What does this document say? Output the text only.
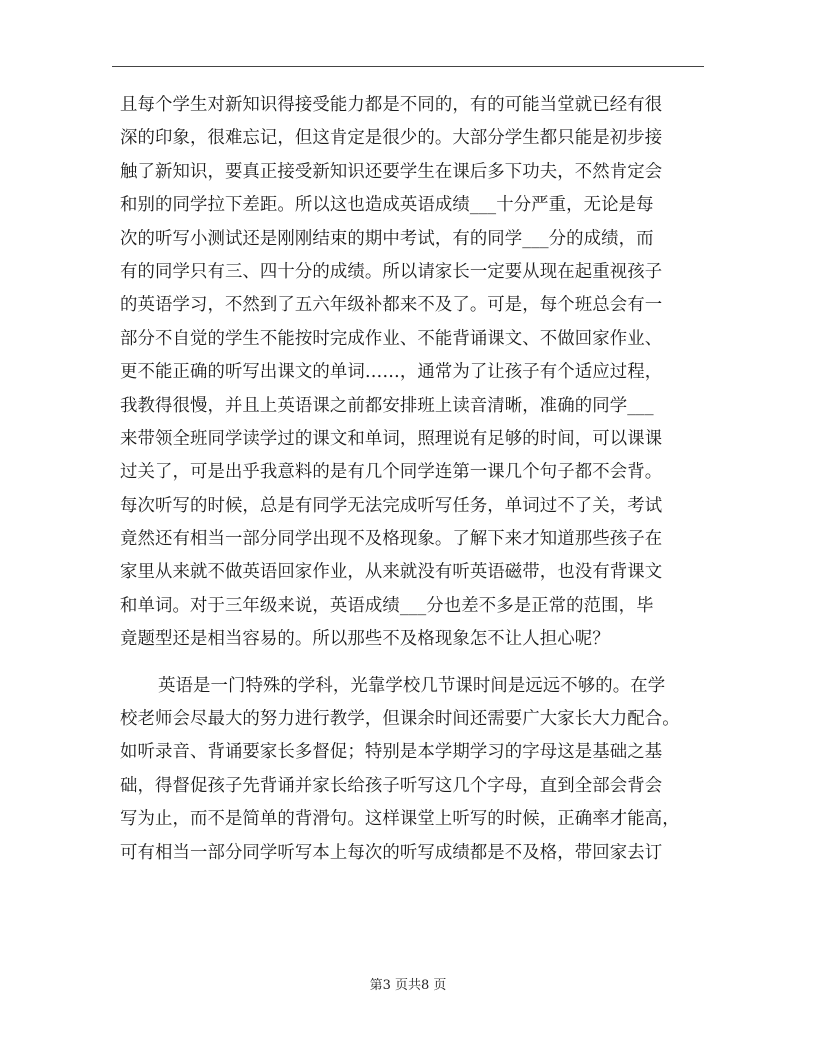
且每个学生对新知识得接受能力都是不同的，有的可能当堂就已经有很
深的印象，很难忘记，但这肯定是很少的。大部分学生都只能是初步接
触了新知识，要真正接受新知识还要学生在课后多下功夫，不然肯定会
和别的同学拉下差距。所以这也造成英语成绩___十分严重，无论是每
次的听写小测试还是刚刚结束的期中考试，有的同学___分的成绩，而
有的同学只有三、四十分的成绩。所以请家长一定要从现在起重视孩子
的英语学习，不然到了五六年级补都来不及了。可是，每个班总会有一
部分不自觉的学生不能按时完成作业、不能背诵课文、不做回家作业、
更不能正确的听写出课文的单词……，通常为了让孩子有个适应过程，
我教得很慢，并且上英语课之前都安排班上读音清晰，准确的同学___
来带领全班同学读学过的课文和单词，照理说有足够的时间，可以课课
过关了，可是出乎我意料的是有几个同学连第一课几个句子都不会背。
每次听写的时候，总是有同学无法完成听写任务，单词过不了关，考试
竟然还有相当一部分同学出现不及格现象。了解下来才知道那些孩子在
家里从来就不做英语回家作业，从来就没有听英语磁带，也没有背课文
和单词。对于三年级来说，英语成绩___分也差不多是正常的范围，毕
竟题型还是相当容易的。所以那些不及格现象怎不让人担心呢？
英语是一门特殊的学科，光靠学校几节课时间是远远不够的。在学
校老师会尽最大的努力进行教学，但课余时间还需要广大家长大力配合。
如听录音、背诵要家长多督促；特别是本学期学习的字母这是基础之基
础，得督促孩子先背诵并家长给孩子听写这几个字母，直到全部会背会
写为止，而不是简单的背滑句。这样课堂上听写的时候，正确率才能高，
可有相当一部分同学听写本上每次的听写成绩都是不及格，带回家去订
第3 页共8 页
